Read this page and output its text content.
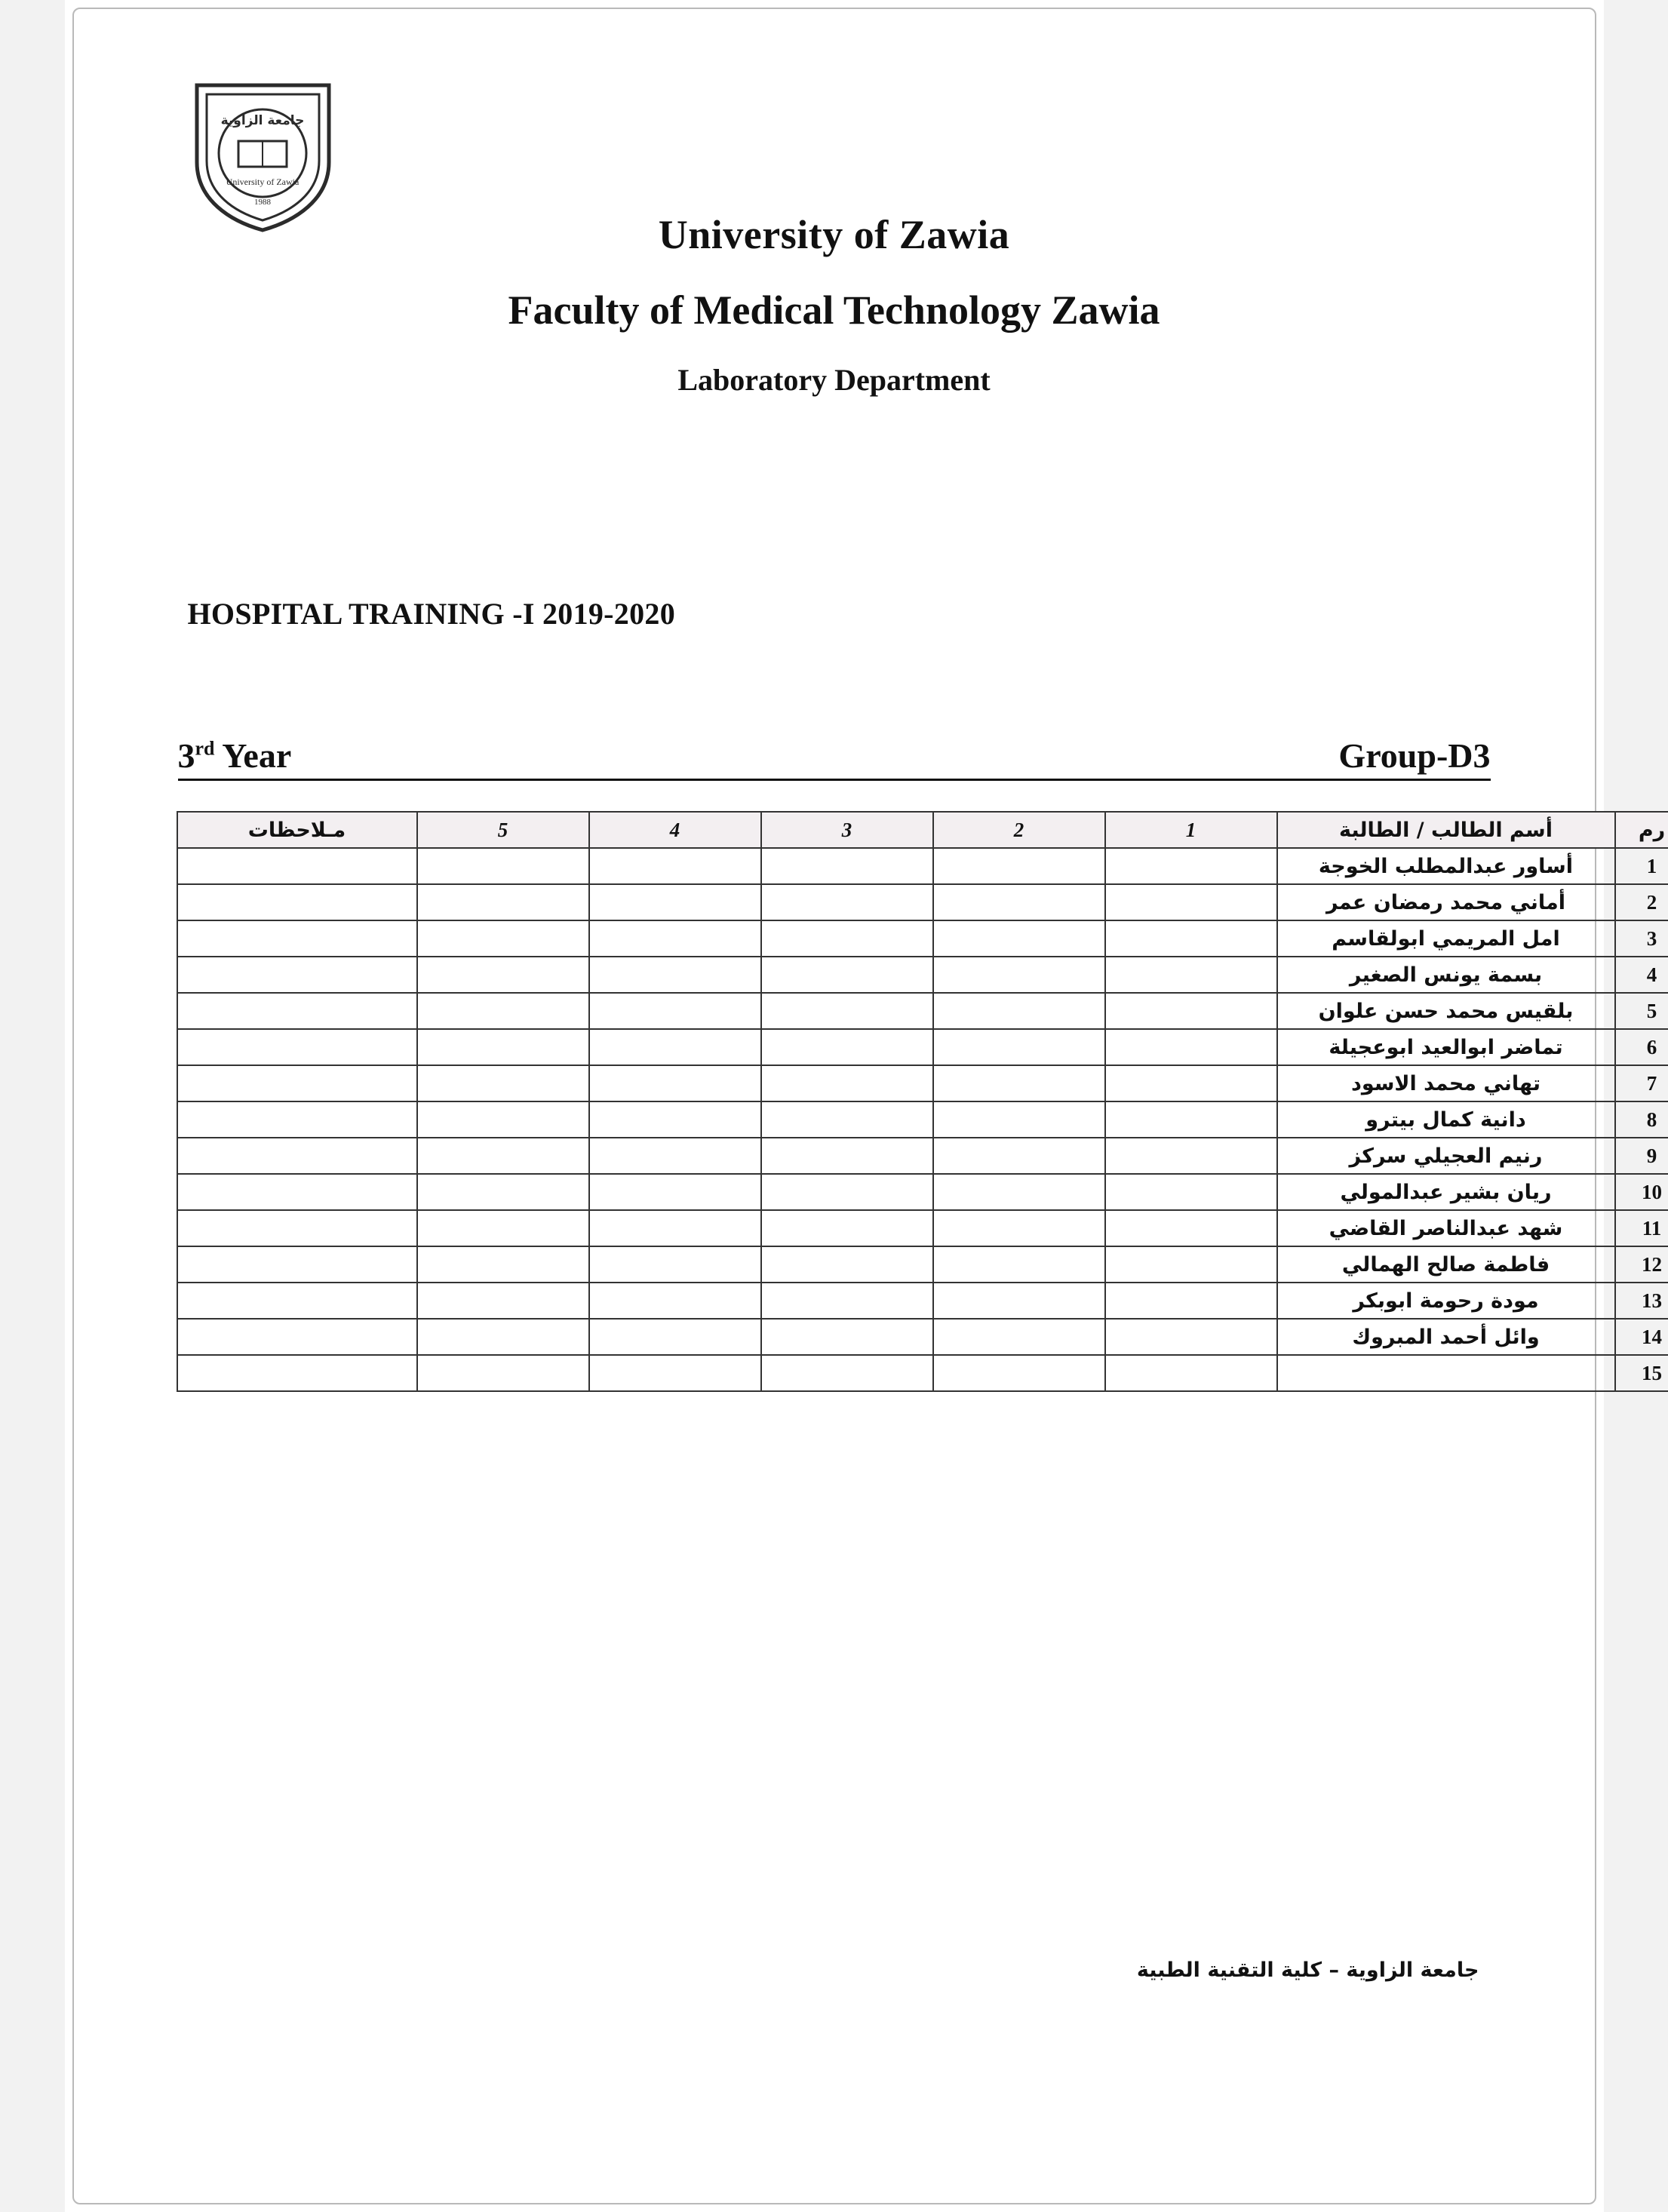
جامعة الزاوية
University of Zawia
1988
University of Zawia
Faculty of Medical Technology Zawia
Laboratory Department
HOSPITAL TRAINING -I 2019-2020
3rd Year	Group-D3
مـلاحظات	5	4	3	2	1	أسم الطالب / الطالبة	رم
						أساور عبدالمطلب الخوجة	1
						أماني محمد رمضان عمر	2
						امل المريمي ابولقاسم	3
						بسمة يونس الصغير	4
						بلقيس محمد حسن علوان	5
						تماضر ابوالعيد ابوعجيلة	6
						تهاني محمد الاسود	7
						دانية كمال بيترو	8
						رنيم العجيلي سركز	9
						ريان بشير عبدالمولي	10
						شهد عبدالناصر القاضي	11
						فاطمة صالح الهمالي	12
						مودة رحومة ابوبكر	13
						وائل أحمد المبروك	14
							15
جامعة الزاوية – كلية التقنية الطبية
